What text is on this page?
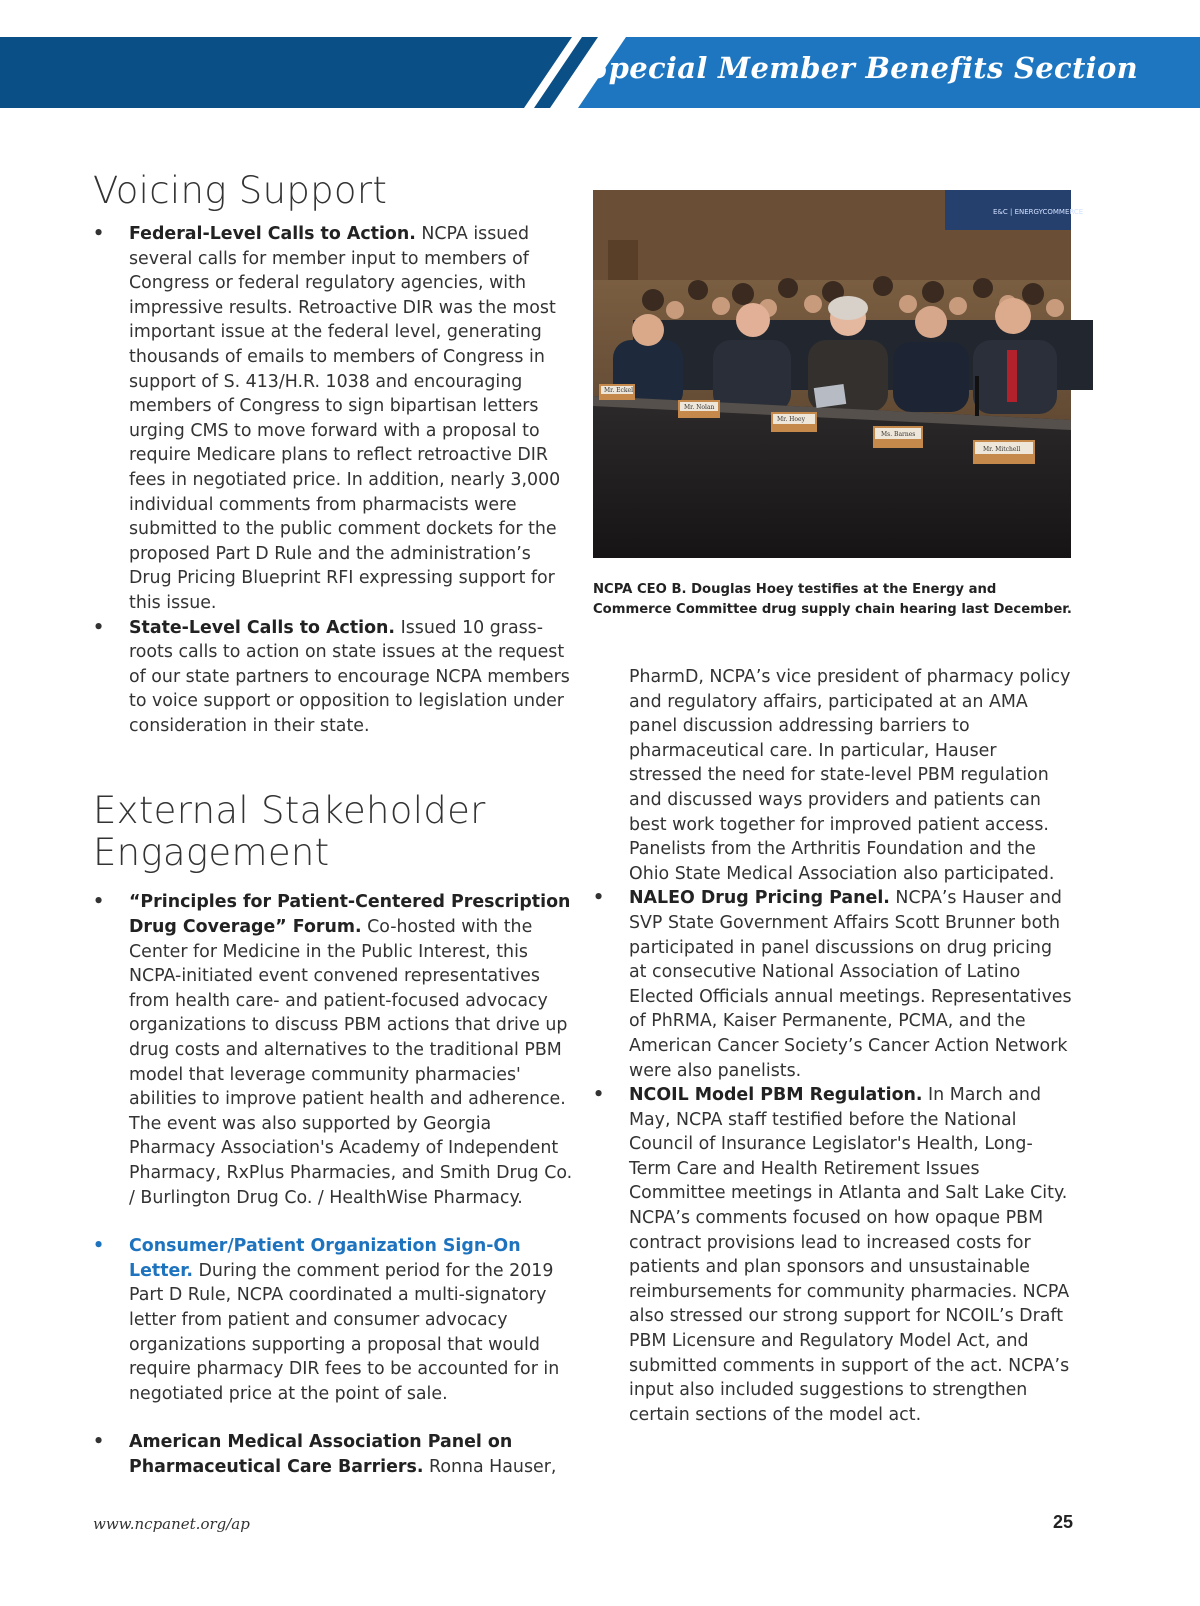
Special Member Benefits Section
Voicing Support
• Federal-Level Calls to Action. NCPA issued several calls for member input to members of Congress or federal regulatory agencies, with impressive results. Retroactive DIR was the most important issue at the federal level, generating thousands of emails to members of Congress in support of S. 413/H.R. 1038 and encouraging members of Congress to sign bipartisan letters urging CMS to move forward with a proposal to require Medicare plans to reflect retroactive DIR fees in negotiated price. In addition, nearly 3,000 individual comments from pharmacists were submitted to the public comment dockets for the proposed Part D Rule and the administration’s Drug Pricing Blueprint RFI expressing support for this issue.
• State-Level Calls to Action. Issued 10 grass-roots calls to action on state issues at the request of our state partners to encourage NCPA members to voice support or opposition to legislation under consideration in their state.
External Stakeholder
Engagement
• “Principles for Patient-Centered Prescription Drug Coverage” Forum. Co-hosted with the Center for Medicine in the Public Interest, this NCPA-initiated event convened representatives from health care- and patient-focused advocacy organizations to discuss PBM actions that drive up drug costs and alternatives to the traditional PBM model that leverage community pharmacies' abilities to improve patient health and adherence. The event was also supported by Georgia Pharmacy Association's Academy of Independent Pharmacy, RxPlus Pharmacies, and Smith Drug Co. / Burlington Drug Co. / HealthWise Pharmacy.
• Consumer/Patient Organization Sign-On Letter. During the comment period for the 2019 Part D Rule, NCPA coordinated a multi-signatory letter from patient and consumer advocacy organizations supporting a proposal that would require pharmacy DIR fees to be accounted for in negotiated price at the point of sale.
• American Medical Association Panel on Pharmaceutical Care Barriers. Ronna Hauser,
E&C | ENERGYCOMMERCE
Mr. Eckel
Mr. Nolan
Mr. Hoey
Ms. Barnes
Mr. Mitchell
NCPA CEO B. Douglas Hoey testifies at the Energy and Commerce Committee drug supply chain hearing last December.
PharmD, NCPA’s vice president of pharmacy policy and regulatory affairs, participated at an AMA panel discussion addressing barriers to pharmaceutical care. In particular, Hauser stressed the need for state-level PBM regulation and discussed ways providers and patients can best work together for improved patient access. Panelists from the Arthritis Foundation and the Ohio State Medical Association also participated.
• NALEO Drug Pricing Panel. NCPA’s Hauser and SVP State Government Affairs Scott Brunner both participated in panel discussions on drug pricing at consecutive National Association of Latino Elected Officials annual meetings. Representatives of PhRMA, Kaiser Permanente, PCMA, and the American Cancer Society’s Cancer Action Network were also panelists.
• NCOIL Model PBM Regulation. In March and May, NCPA staff testified before the National Council of Insurance Legislator's Health, Long-Term Care and Health Retirement Issues Committee meetings in Atlanta and Salt Lake City. NCPA’s comments focused on how opaque PBM contract provisions lead to increased costs for patients and plan sponsors and unsustainable reimbursements for community pharmacies. NCPA also stressed our strong support for NCOIL’s Draft PBM Licensure and Regulatory Model Act, and submitted comments in support of the act. NCPA’s input also included suggestions to strengthen certain sections of the model act.
www.ncpanet.org/ap	25
